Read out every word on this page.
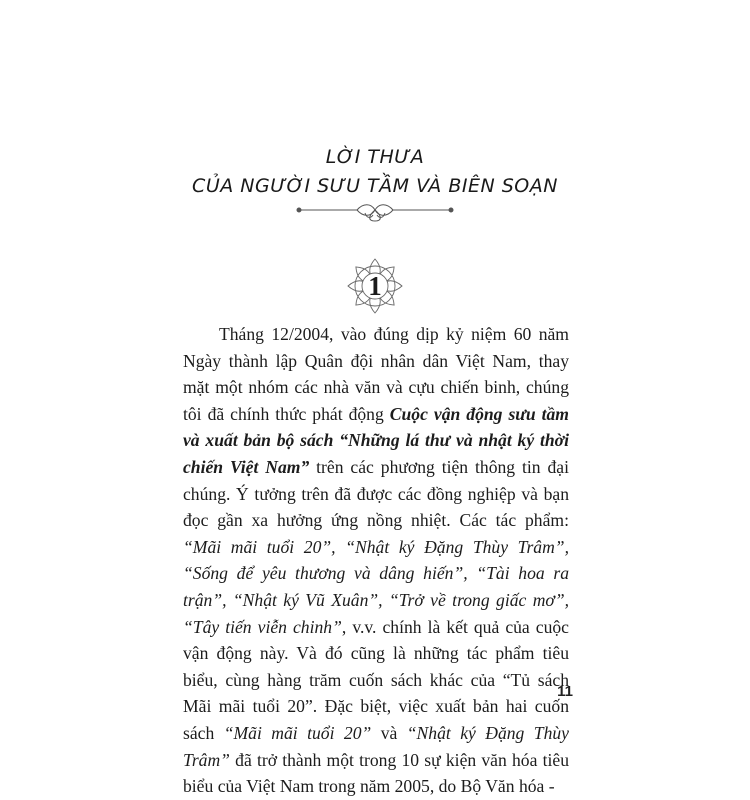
LỜI THƯA
CỦA NGƯỜI SƯU TẦM VÀ BIÊN SOẠN
1

Tháng 12/2004, vào đúng dịp kỷ niệm 60 năm Ngày thành lập Quân đội nhân dân Việt Nam, thay mặt một nhóm các nhà văn và cựu chiến binh, chúng tôi đã chính thức phát động Cuộc vận động sưu tầm và xuất bản bộ sách “Những lá thư và nhật ký thời chiến Việt Nam” trên các phương tiện thông tin đại chúng. Ý tưởng trên đã được các đồng nghiệp và bạn đọc gần xa hưởng ứng nồng nhiệt. Các tác phẩm: “Mãi mãi tuổi 20”, “Nhật ký Đặng Thùy Trâm”, “Sống để yêu thương và dâng hiến”, “Tài hoa ra trận”, “Nhật ký Vũ Xuân”, “Trở về trong giấc mơ”, “Tây tiến viễn chinh”, v.v. chính là kết quả của cuộc vận động này. Và đó cũng là những tác phẩm tiêu biểu, cùng hàng trăm cuốn sách khác của “Tủ sách Mãi mãi tuổi 20”. Đặc biệt, việc xuất bản hai cuốn sách “Mãi mãi tuổi 20” và “Nhật ký Đặng Thùy Trâm” đã trở thành một trong 10 sự kiện văn hóa tiêu biểu của Việt Nam trong năm 2005, do Bộ Văn hóa -

11
